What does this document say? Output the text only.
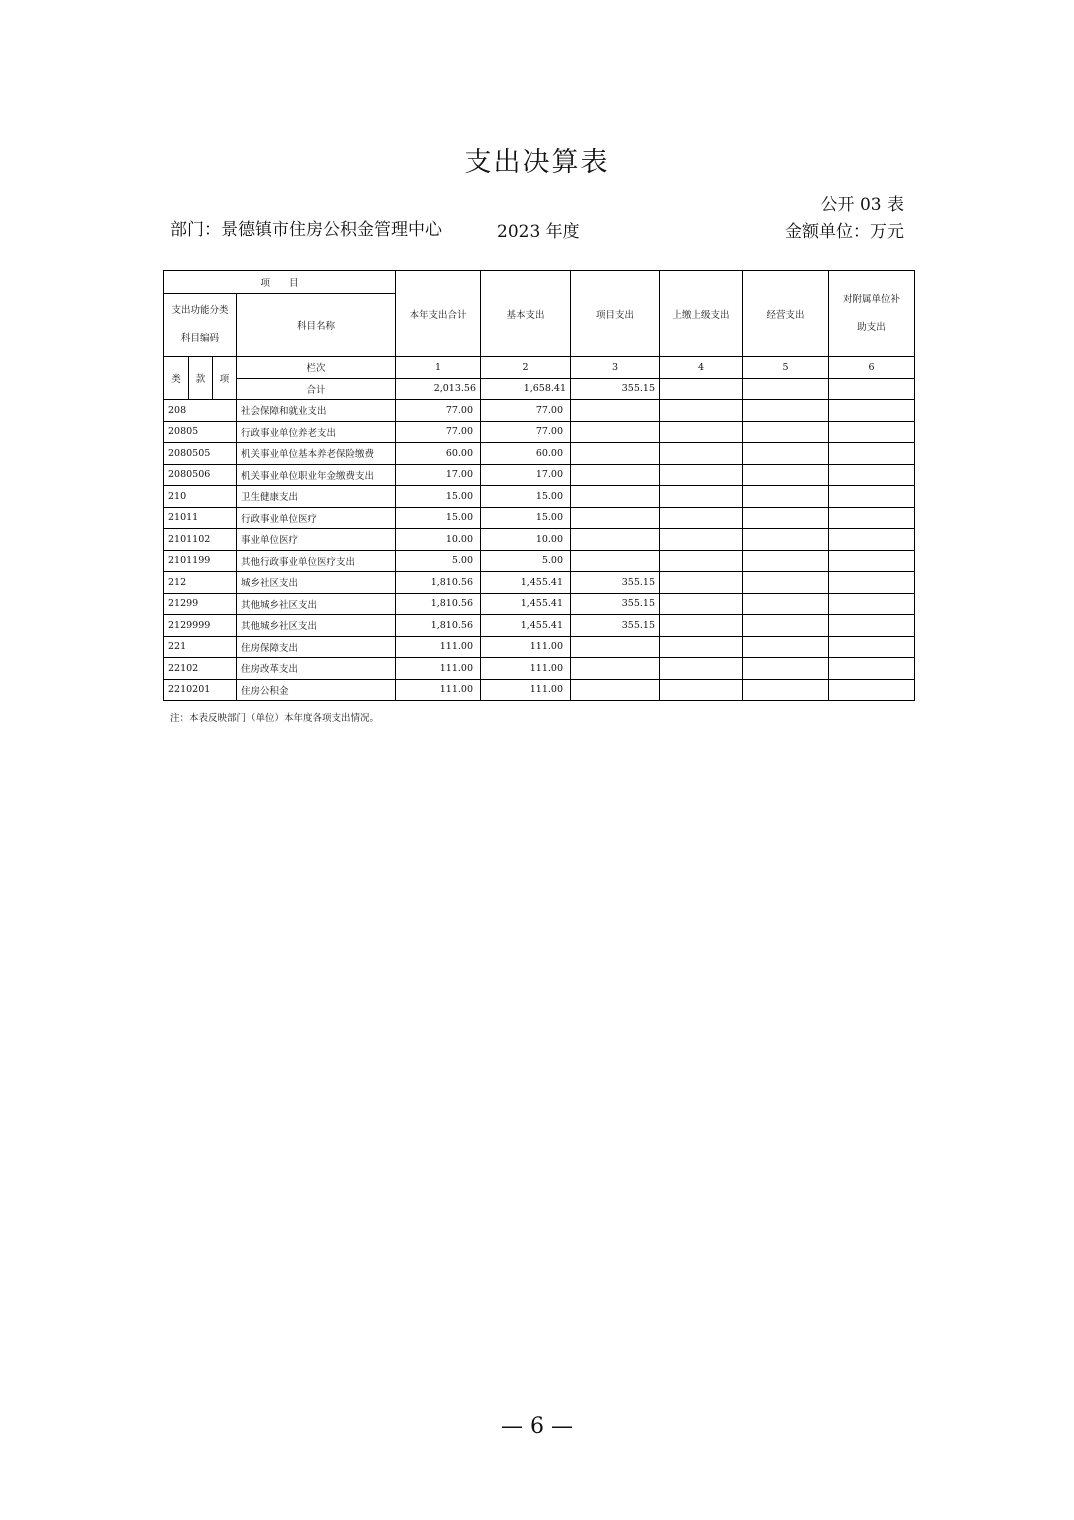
支出决算表
公开 03 表
部门：景德镇市住房公积金管理中心	2023 年度	金额单位：万元
项　　目				本年支出合计	基本支出	项目支出	上缴上级支出	经营支出	对附属单位补
助支出

支出功能分类
科目编码			科目名称						
类	款	项	栏次	1	2	3	4	5	6
			合计	2,013.56	1,658.41	355.15			
208			社会保障和就业支出	77.00	77.00				
20805			行政事业单位养老支出	77.00	77.00				
2080505			机关事业单位基本养老保险缴费	60.00	60.00				
2080506			机关事业单位职业年金缴费支出	17.00	17.00				
210			卫生健康支出	15.00	15.00				
21011			行政事业单位医疗	15.00	15.00				
2101102			事业单位医疗	10.00	10.00				
2101199			其他行政事业单位医疗支出	5.00	5.00				
212			城乡社区支出	1,810.56	1,455.41	355.15			
21299			其他城乡社区支出	1,810.56	1,455.41	355.15			
2129999			其他城乡社区支出	1,810.56	1,455.41	355.15			
221			住房保障支出	111.00	111.00				
22102			住房改革支出	111.00	111.00				
2210201			住房公积金	111.00	111.00				
注：本表反映部门（单位）本年度各项支出情况。
— 6 —
